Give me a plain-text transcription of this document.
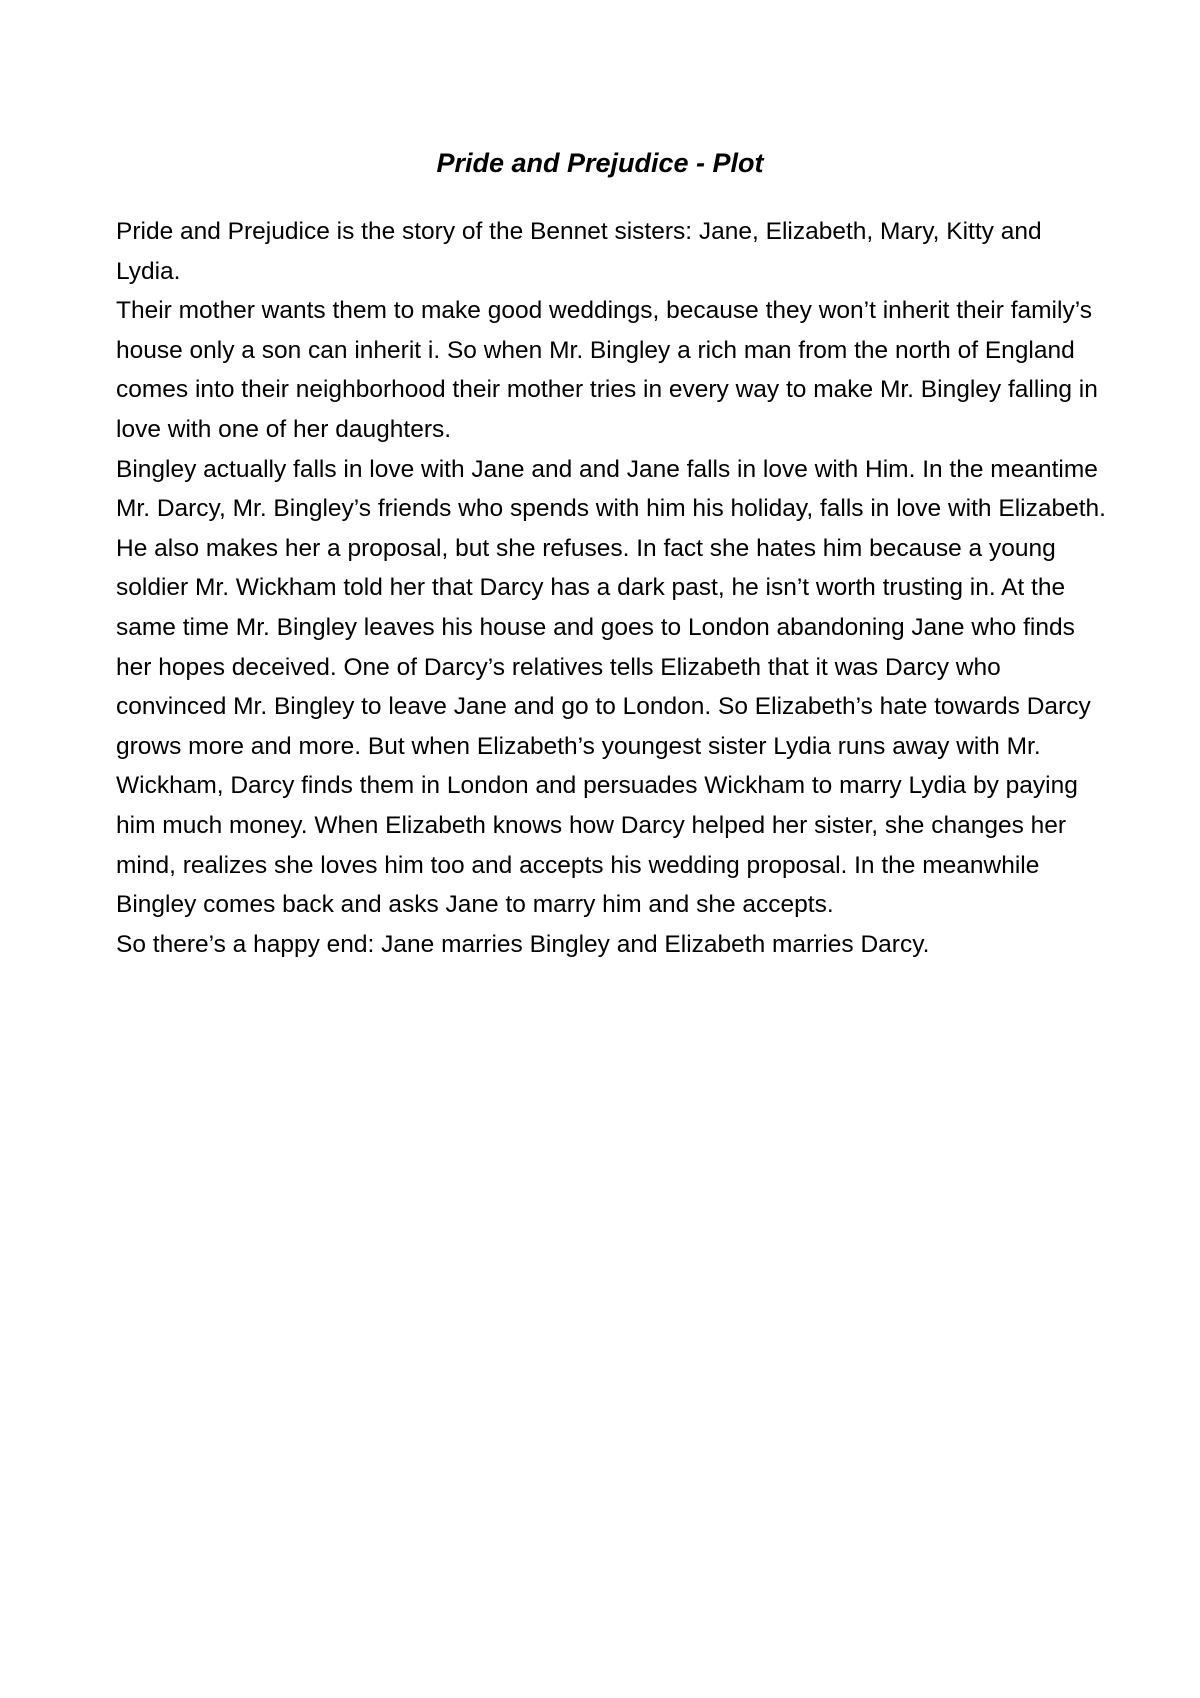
Pride and Prejudice - Plot

Pride and Prejudice is the story of the Bennet sisters: Jane, Elizabeth, Mary, Kitty and Lydia.

Their mother wants them to make good weddings, because they won’t inherit their family’s house only a son can inherit i. So when Mr. Bingley a rich man from the north of England comes into their neighborhood their mother tries in every way to make Mr. Bingley falling in love with one of her daughters.

Bingley actually falls in love with Jane and and Jane falls in love with Him. In the meantime Mr. Darcy, Mr. Bingley’s friends who spends with him his holiday, falls in love with Elizabeth.

He also makes her a proposal, but she refuses. In fact she hates him because a young soldier Mr. Wickham told her that Darcy has a dark past, he isn’t worth trusting in. At the same time Mr. Bingley leaves his house and goes to London abandoning Jane who finds her hopes deceived. One of Darcy’s relatives tells Elizabeth that it was Darcy who convinced Mr. Bingley to leave Jane and go to London. So Elizabeth’s hate towards Darcy grows more and more. But when Elizabeth’s youngest sister Lydia runs away with Mr. Wickham, Darcy finds them in London and persuades Wickham to marry Lydia by paying him much money. When Elizabeth knows how Darcy helped her sister, she changes her mind, realizes she loves him too and accepts his wedding proposal. In the meanwhile Bingley comes back and asks Jane to marry him and she accepts.

So there’s a happy end: Jane marries Bingley and Elizabeth marries Darcy.
